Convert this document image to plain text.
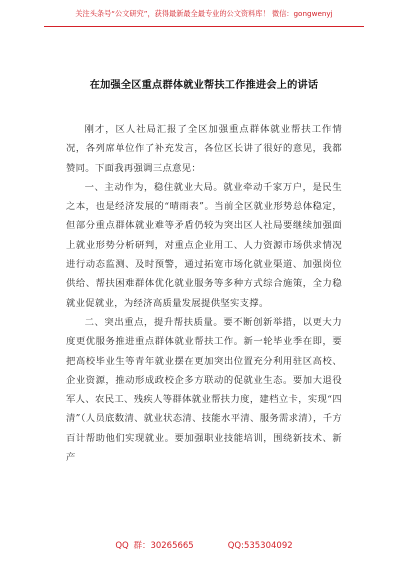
关注头条号“公文研究”，获得最新最全最专业的公文资料库！ 微信：gongwenyj
在加强全区重点群体就业帮扶工作推进会上的讲话

刚才，区人社局汇报了全区加强重点群体就业帮扶工作情况，各列席单位作了补充发言，各位区长讲了很好的意见，我都赞同。下面我再强调三点意见：

一、主动作为，稳住就业大局。就业牵动千家万户，是民生之本，也是经济发展的“晴雨表”。当前全区就业形势总体稳定，但部分重点群体就业难等矛盾仍较为突出区人社局要继续加强面上就业形势分析研判，对重点企业用工、人力资源市场供求情况进行动态监测、及时预警，通过拓宽市场化就业渠道、加强岗位供给、帮扶困难群体优化就业服务等多种方式综合施策，全力稳就业促就业，为经济高质量发展提供坚实支撑。

二、突出重点，提升帮扶质量。要不断创新举措，以更大力度更优服务推进重点群体就业帮扶工作。新一轮毕业季在即，要把高校毕业生等青年就业摆在更加突出位置充分利用驻区高校、企业资源，推动形成政校企多方联动的促就业生态。要加大退役军人、农民工、残疾人等群体就业帮扶力度，建档立卡，实现“四清”（人员底数清、就业状态清、技能水平清、服务需求清），千方百计帮助他们实现就业。要加强职业技能培训，围绕新技术、新产

QQ 群：30265665	QQ:535304092
